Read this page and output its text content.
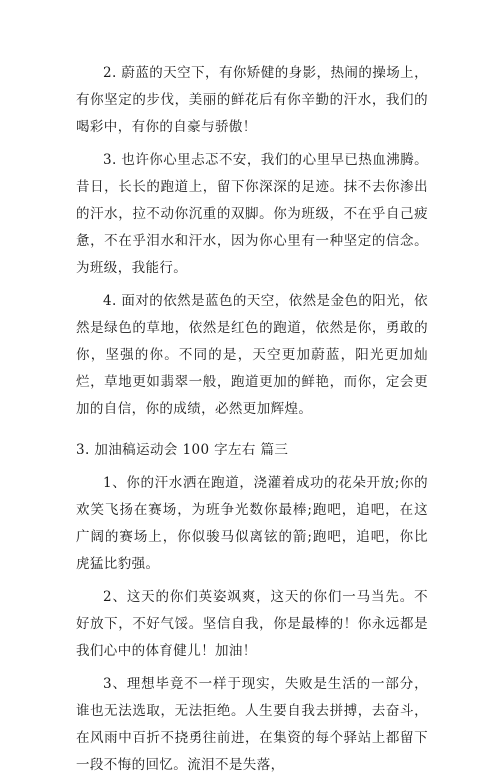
2. 蔚蓝的天空下，有你矫健的身影，热闹的操场上，有你坚定的步伐，美丽的鲜花后有你辛勤的汗水，我们的喝彩中，有你的自豪与骄傲！

3. 也许你心里忐忑不安，我们的心里早已热血沸腾。昔日，长长的跑道上，留下你深深的足迹。抹不去你渗出的汗水，拉不动你沉重的双脚。你为班级，不在乎自己疲惫，不在乎泪水和汗水，因为你心里有一种坚定的信念。为班级，我能行。

4. 面对的依然是蓝色的天空，依然是金色的阳光，依然是绿色的草地，依然是红色的跑道，依然是你，勇敢的你，坚强的你。不同的是，天空更加蔚蓝，阳光更加灿烂，草地更如翡翠一般，跑道更加的鲜艳，而你，定会更加的自信，你的成绩，必然更加辉煌。

3. 加油稿运动会 100 字左右 篇三

1、你的汗水洒在跑道，浇灌着成功的花朵开放;你的欢笑飞扬在赛场，为班争光数你最棒;跑吧，追吧，在这广阔的赛场上，你似骏马似离铉的箭;跑吧，追吧，你比虎猛比豹强。

2、这天的你们英姿飒爽，这天的你们一马当先。不好放下，不好气馁。坚信自我，你是最棒的！你永远都是我们心中的体育健儿！加油！

3、理想毕竟不一样于现实，失败是生活的一部分，谁也无法选取，无法拒绝。人生要自我去拼搏，去奋斗，在风雨中百折不挠勇往前进，在集资的每个驿站上都留下一段不悔的回忆。流泪不是失落，
